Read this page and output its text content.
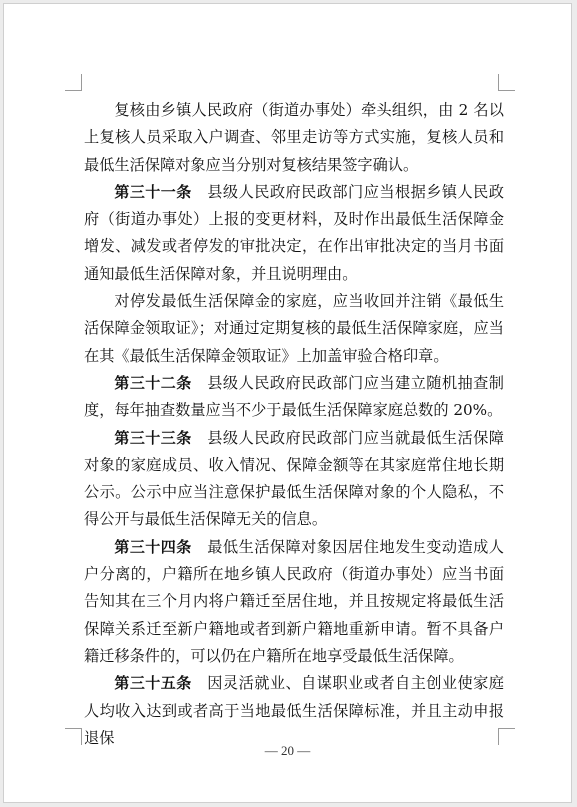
复核由乡镇人民政府（街道办事处）牵头组织，由 2 名以上复核人员采取入户调查、邻里走访等方式实施，复核人员和最低生活保障对象应当分别对复核结果签字确认。

第三十一条　 县级人民政府民政部门应当根据乡镇人民政府（街道办事处）上报的变更材料，及时作出最低生活保障金增发、减发或者停发的审批决定，在作出审批决定的当月书面通知最低生活保障对象，并且说明理由。

对停发最低生活保障金的家庭，应当收回并注销《最低生活保障金领取证》；对通过定期复核的最低生活保障家庭，应当在其《最低生活保障金领取证》上加盖审验合格印章。

第三十二条　 县级人民政府民政部门应当建立随机抽查制度，每年抽查数量应当不少于最低生活保障家庭总数的 20%。

第三十三条　 县级人民政府民政部门应当就最低生活保障对象的家庭成员、收入情况、保障金额等在其家庭常住地长期公示。公示中应当注意保护最低生活保障对象的个人隐私，不得公开与最低生活保障无关的信息。

第三十四条　 最低生活保障对象因居住地发生变动造成人户分离的，户籍所在地乡镇人民政府（街道办事处）应当书面告知其在三个月内将户籍迁至居住地，并且按规定将最低生活保障关系迁至新户籍地或者到新户籍地重新申请。暂不具备户籍迁移条件的，可以仍在户籍所在地享受最低生活保障。

第三十五条　 因灵活就业、自谋职业或者自主创业使家庭人均收入达到或者高于当地最低生活保障标准，并且主动申报退保

— 20 —
